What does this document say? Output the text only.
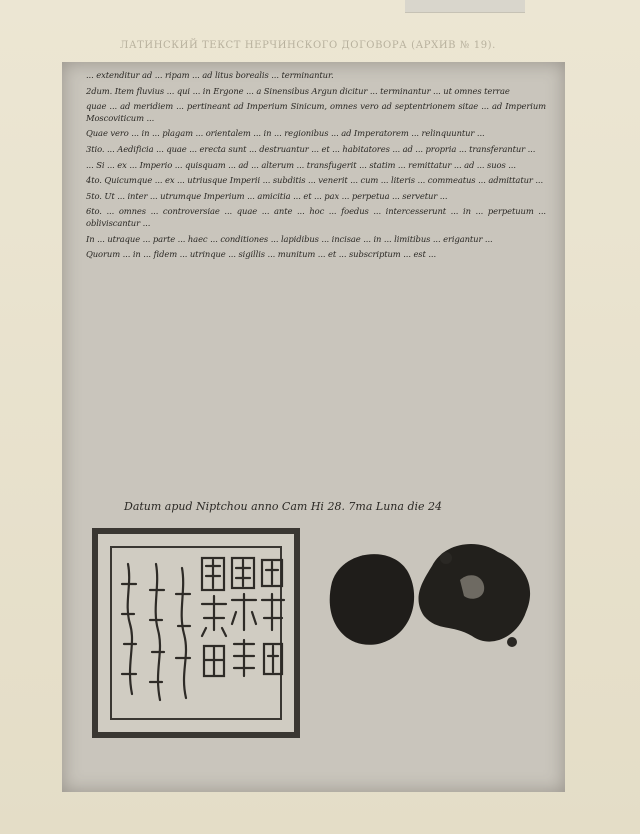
ЛАТИНСКИЙ ТЕКСТ НЕРЧИНСКОГО ДОГОВОРА (АРХИВ № 19).

... extenditur ad ... ripam ... ad litus borealis ... terminantur.

2dum. Item fluvius ... qui ... in Ergone ... a Sinensibus Argun dicitur ... terminantur ... ut omnes terrae

quae ... ad meridiem ... pertineant ad Imperium Sinicum, omnes vero ad septentrionem sitae ... ad Imperium Moscoviticum ...

Quae vero ... in ... plagam ... orientalem ... in ... regionibus ... ad Imperatorem ... relinquuntur ...

3tio. ... Aedificia ... quae ... erecta sunt ... destruantur ... et ... habitatores ... ad ... propria ... transferantur ...

... Si ... ex ... Imperio ... quisquam ... ad ... alterum ... transfugerit ... statim ... remittatur ... ad ... suos ...

4to. Quicumque ... ex ... utriusque Imperii ... subditis ... venerit ... cum ... literis ... commeatus ... admittatur ...

5to. Ut ... inter ... utrumque Imperium ... amicitia ... et ... pax ... perpetua ... servetur ...

6to. ... omnes ... controversiae ... quae ... ante ... hoc ... foedus ... intercesserunt ... in ... perpetuum ... obliviscantur ...

In ... utraque ... parte ... haec ... conditiones ... lapidibus ... incisae ... in ... limitibus ... erigantur ...

Quorum ... in ... fidem ... utrinque ... sigillis ... munitum ... et ... subscriptum ... est ...

Datum apud Niptchou anno Cam Hi 28. 7ma Luna die 24
